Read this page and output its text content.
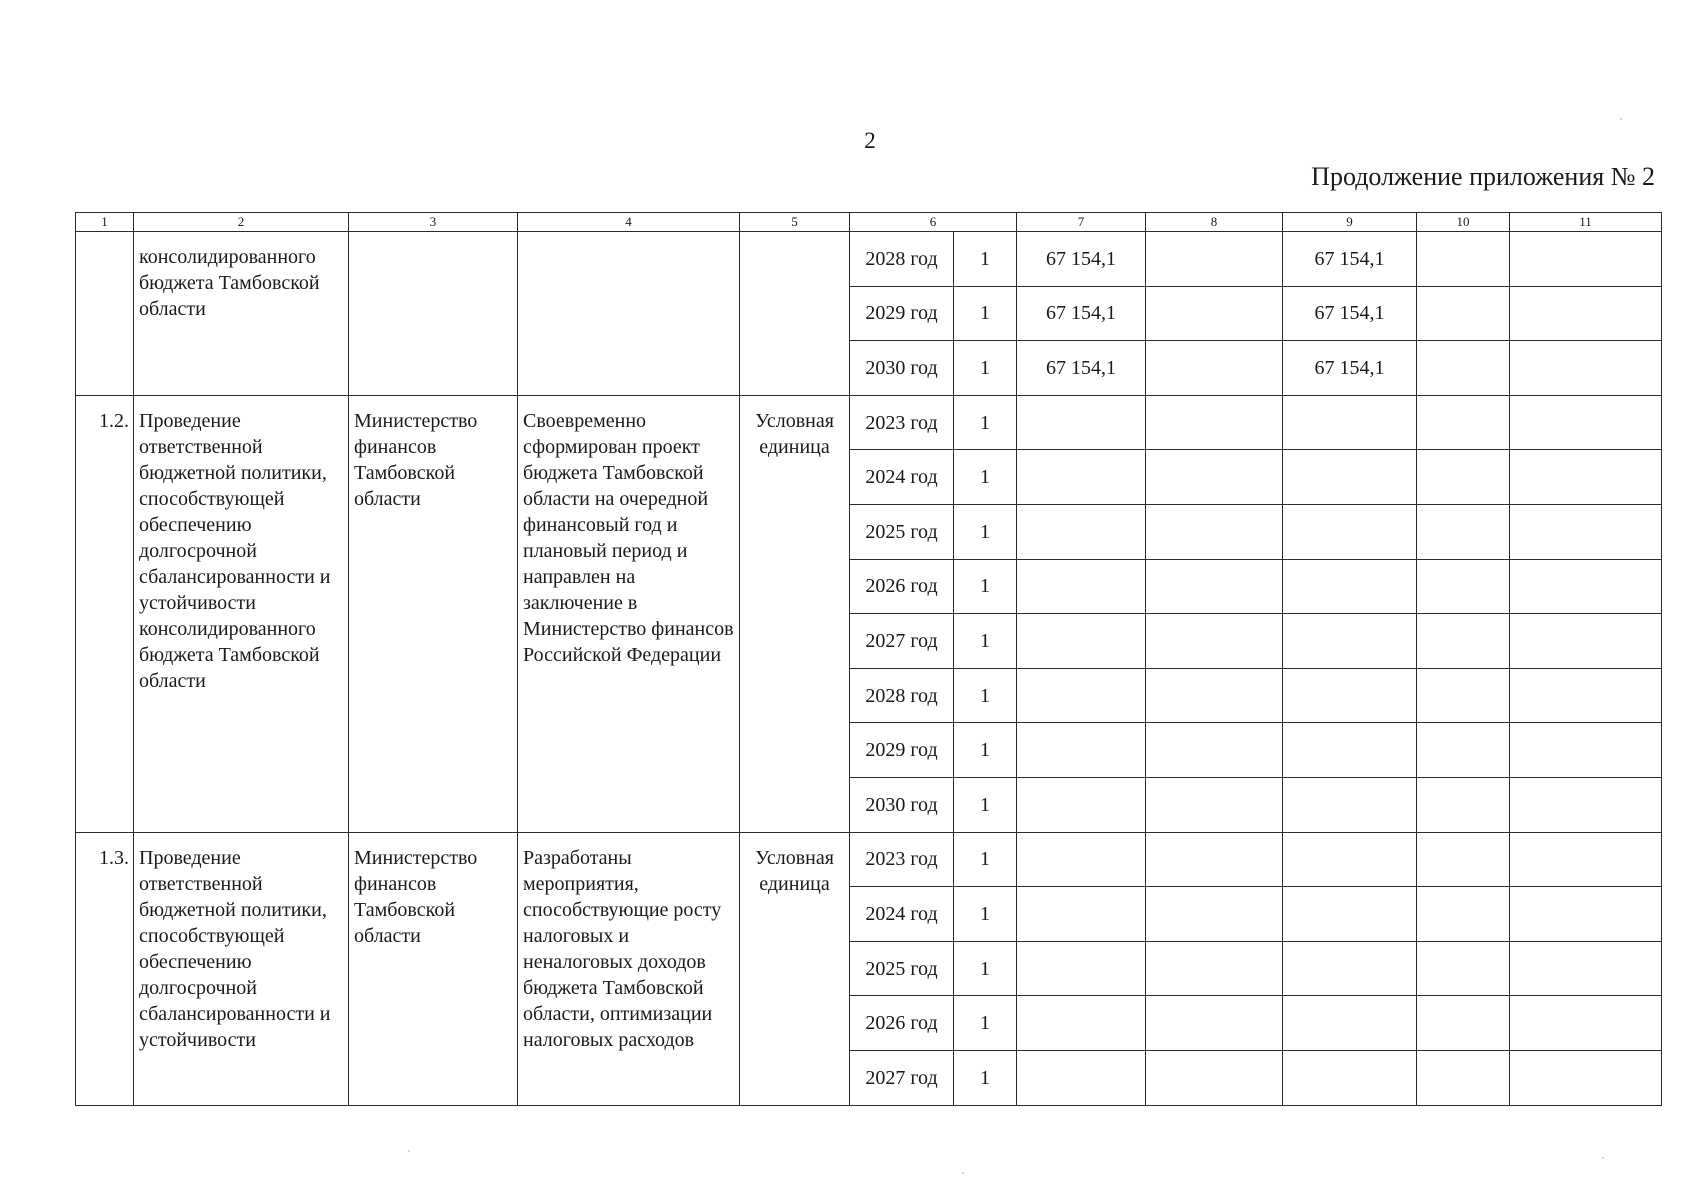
2
Продолжение приложения № 2
1	2	3	4	5	6		7	8	9	10	11
	консолидированного бюджета Тамбовской области				2028 год	1	67 154,1		67 154,1		
					2029 год	1	67 154,1		67 154,1		
					2030 год	1	67 154,1		67 154,1		
1.2.	Проведение ответственной бюджетной политики, способствующей обеспечению долгосрочной сбалансированности и устойчивости консолидированного бюджета Тамбовской области	Министерство финансов Тамбовской области	Своевременно сформирован проект бюджета Тамбовской области на очередной финансовый год и плановый период и направлен на заключение в Министерство финансов Российской Федерации	Условная единица	2023 год	1					
					2024 год	1					
					2025 год	1					
					2026 год	1					
					2027 год	1					
					2028 год	1					
					2029 год	1					
					2030 год	1					
1.3.	Проведение ответственной бюджетной политики, способствующей обеспечению долгосрочной сбалансированности и устойчивости	Министерство финансов Тамбовской области	Разработаны мероприятия, способствующие росту налоговых и неналоговых доходов бюджета Тамбовской области, оптимизации налоговых расходов	Условная единица	2023 год	1					
					2024 год	1					
					2025 год	1					
					2026 год	1					
					2027 год	1					
